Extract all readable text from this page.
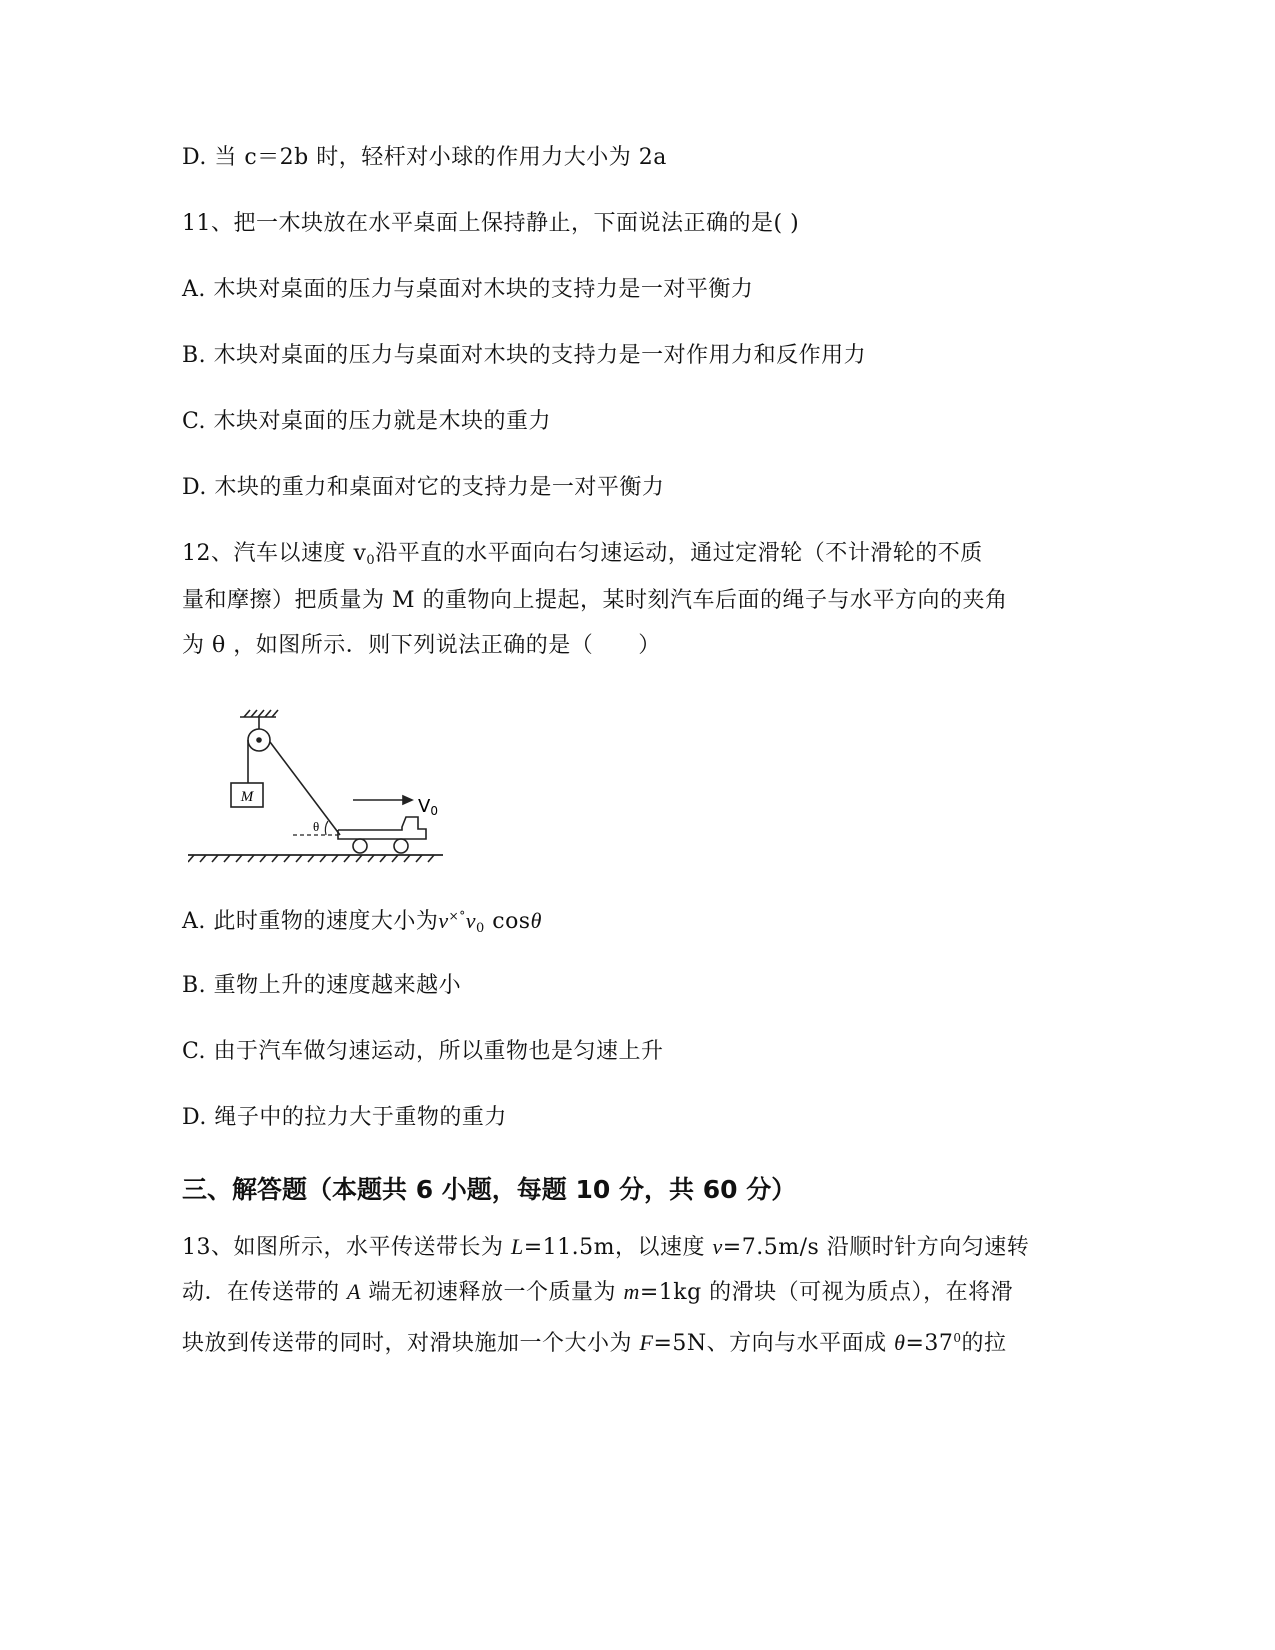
D. 当 c＝2b 时，轻杆对小球的作用力大小为 2a
11、把一木块放在水平桌面上保持静止，下面说法正确的是( )
A. 木块对桌面的压力与桌面对木块的支持力是一对平衡力
B. 木块对桌面的压力与桌面对木块的支持力是一对作用力和反作用力
C. 木块对桌面的压力就是木块的重力
D. 木块的重力和桌面对它的支持力是一对平衡力
12、汽车以速度 $v_0$沿平直的水平面向右匀速运动，通过定滑轮（不计滑轮的不质
量和摩擦）把质量为 M 的重物向上提起，某时刻汽车后面的绳子与水平方向的夹角
为 θ ，如图所示．则下列说法正确的是（　　）
M
θ
V0
A. 此时重物的速度大小为$v^{\times^\circ}v_0$ cosθ
B. 重物上升的速度越来越小
C. 由于汽车做匀速运动，所以重物也是匀速上升
D. 绳子中的拉力大于重物的重力
三、解答题（本题共 6 小题，每题 10 分，共 60 分）
13、如图所示，水平传送带长为 L=11.5m，以速度 v=7.5m/s 沿顺时针方向匀速转
动．在传送带的 A 端无初速释放一个质量为 m=1kg 的滑块（可视为质点），在将滑
块放到传送带的同时，对滑块施加一个大小为 F=5N、方向与水平面成 $\theta=37^0$的拉
